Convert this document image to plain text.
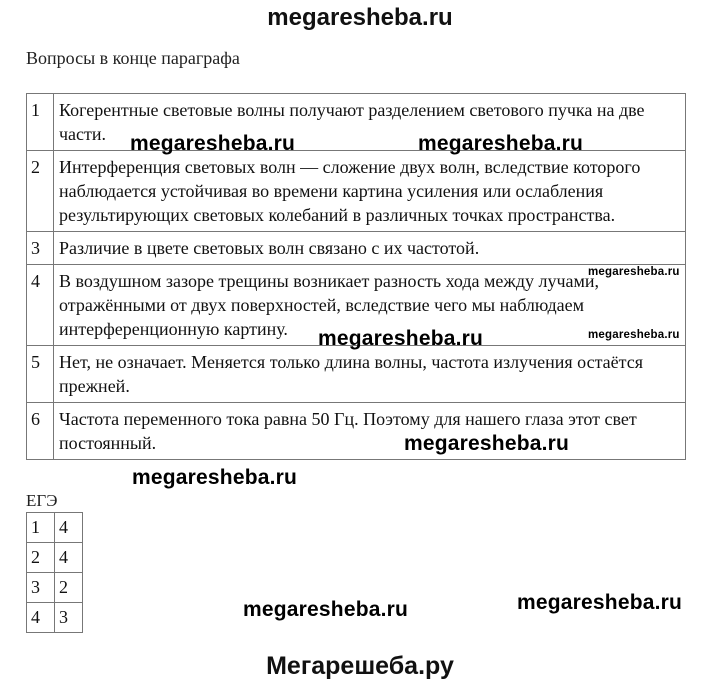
megaresheba.ru
Вопросы в конце параграфа
1	Когерентные световые волны получают разделением светового пучка на две части.
2	Интерференция световых волн — сложение двух волн, вследствие которого наблюдается устойчивая во времени картина усиления или ослабления результирующих световых колебаний в различных точках пространства.
3	Различие в цвете световых волн связано с их частотой.
4	В воздушном зазоре трещины возникает разность хода между лучами, отражёнными от двух поверхностей, вследствие чего мы наблюдаем интерференционную картину.
5	Нет, не означает. Меняется только длина волны, частота излучения остаётся прежней.
6	Частота переменного тока равна 50 Гц. Поэтому для нашего глаза этот свет постоянный.
ЕГЭ
1	4
2	4
3	2
4	3
megaresheba.ru	megaresheba.ru
megaresheba.ru
megaresheba.ru
megaresheba.ru
megaresheba.ru
megaresheba.ru
megaresheba.ru	megaresheba.ru
Мегарешеба.ру
